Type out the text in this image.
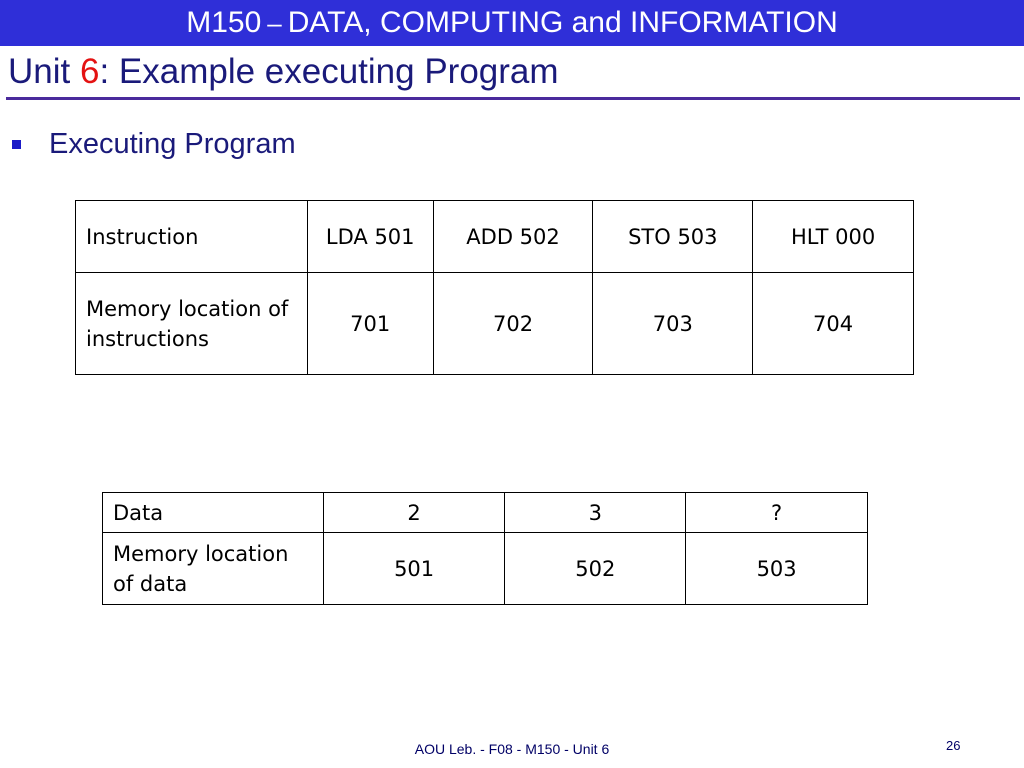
M150 – DATA, COMPUTING and INFORMATION
Unit 6: Example executing Program
Executing Program
Instruction	LDA 501	ADD 502	STO 503	HLT 000
Memory location of instructions	701	702	703	704
Data	2	3	?
Memory location of data	501	502	503
AOU Leb. - F08 - M150 - Unit 6	26
